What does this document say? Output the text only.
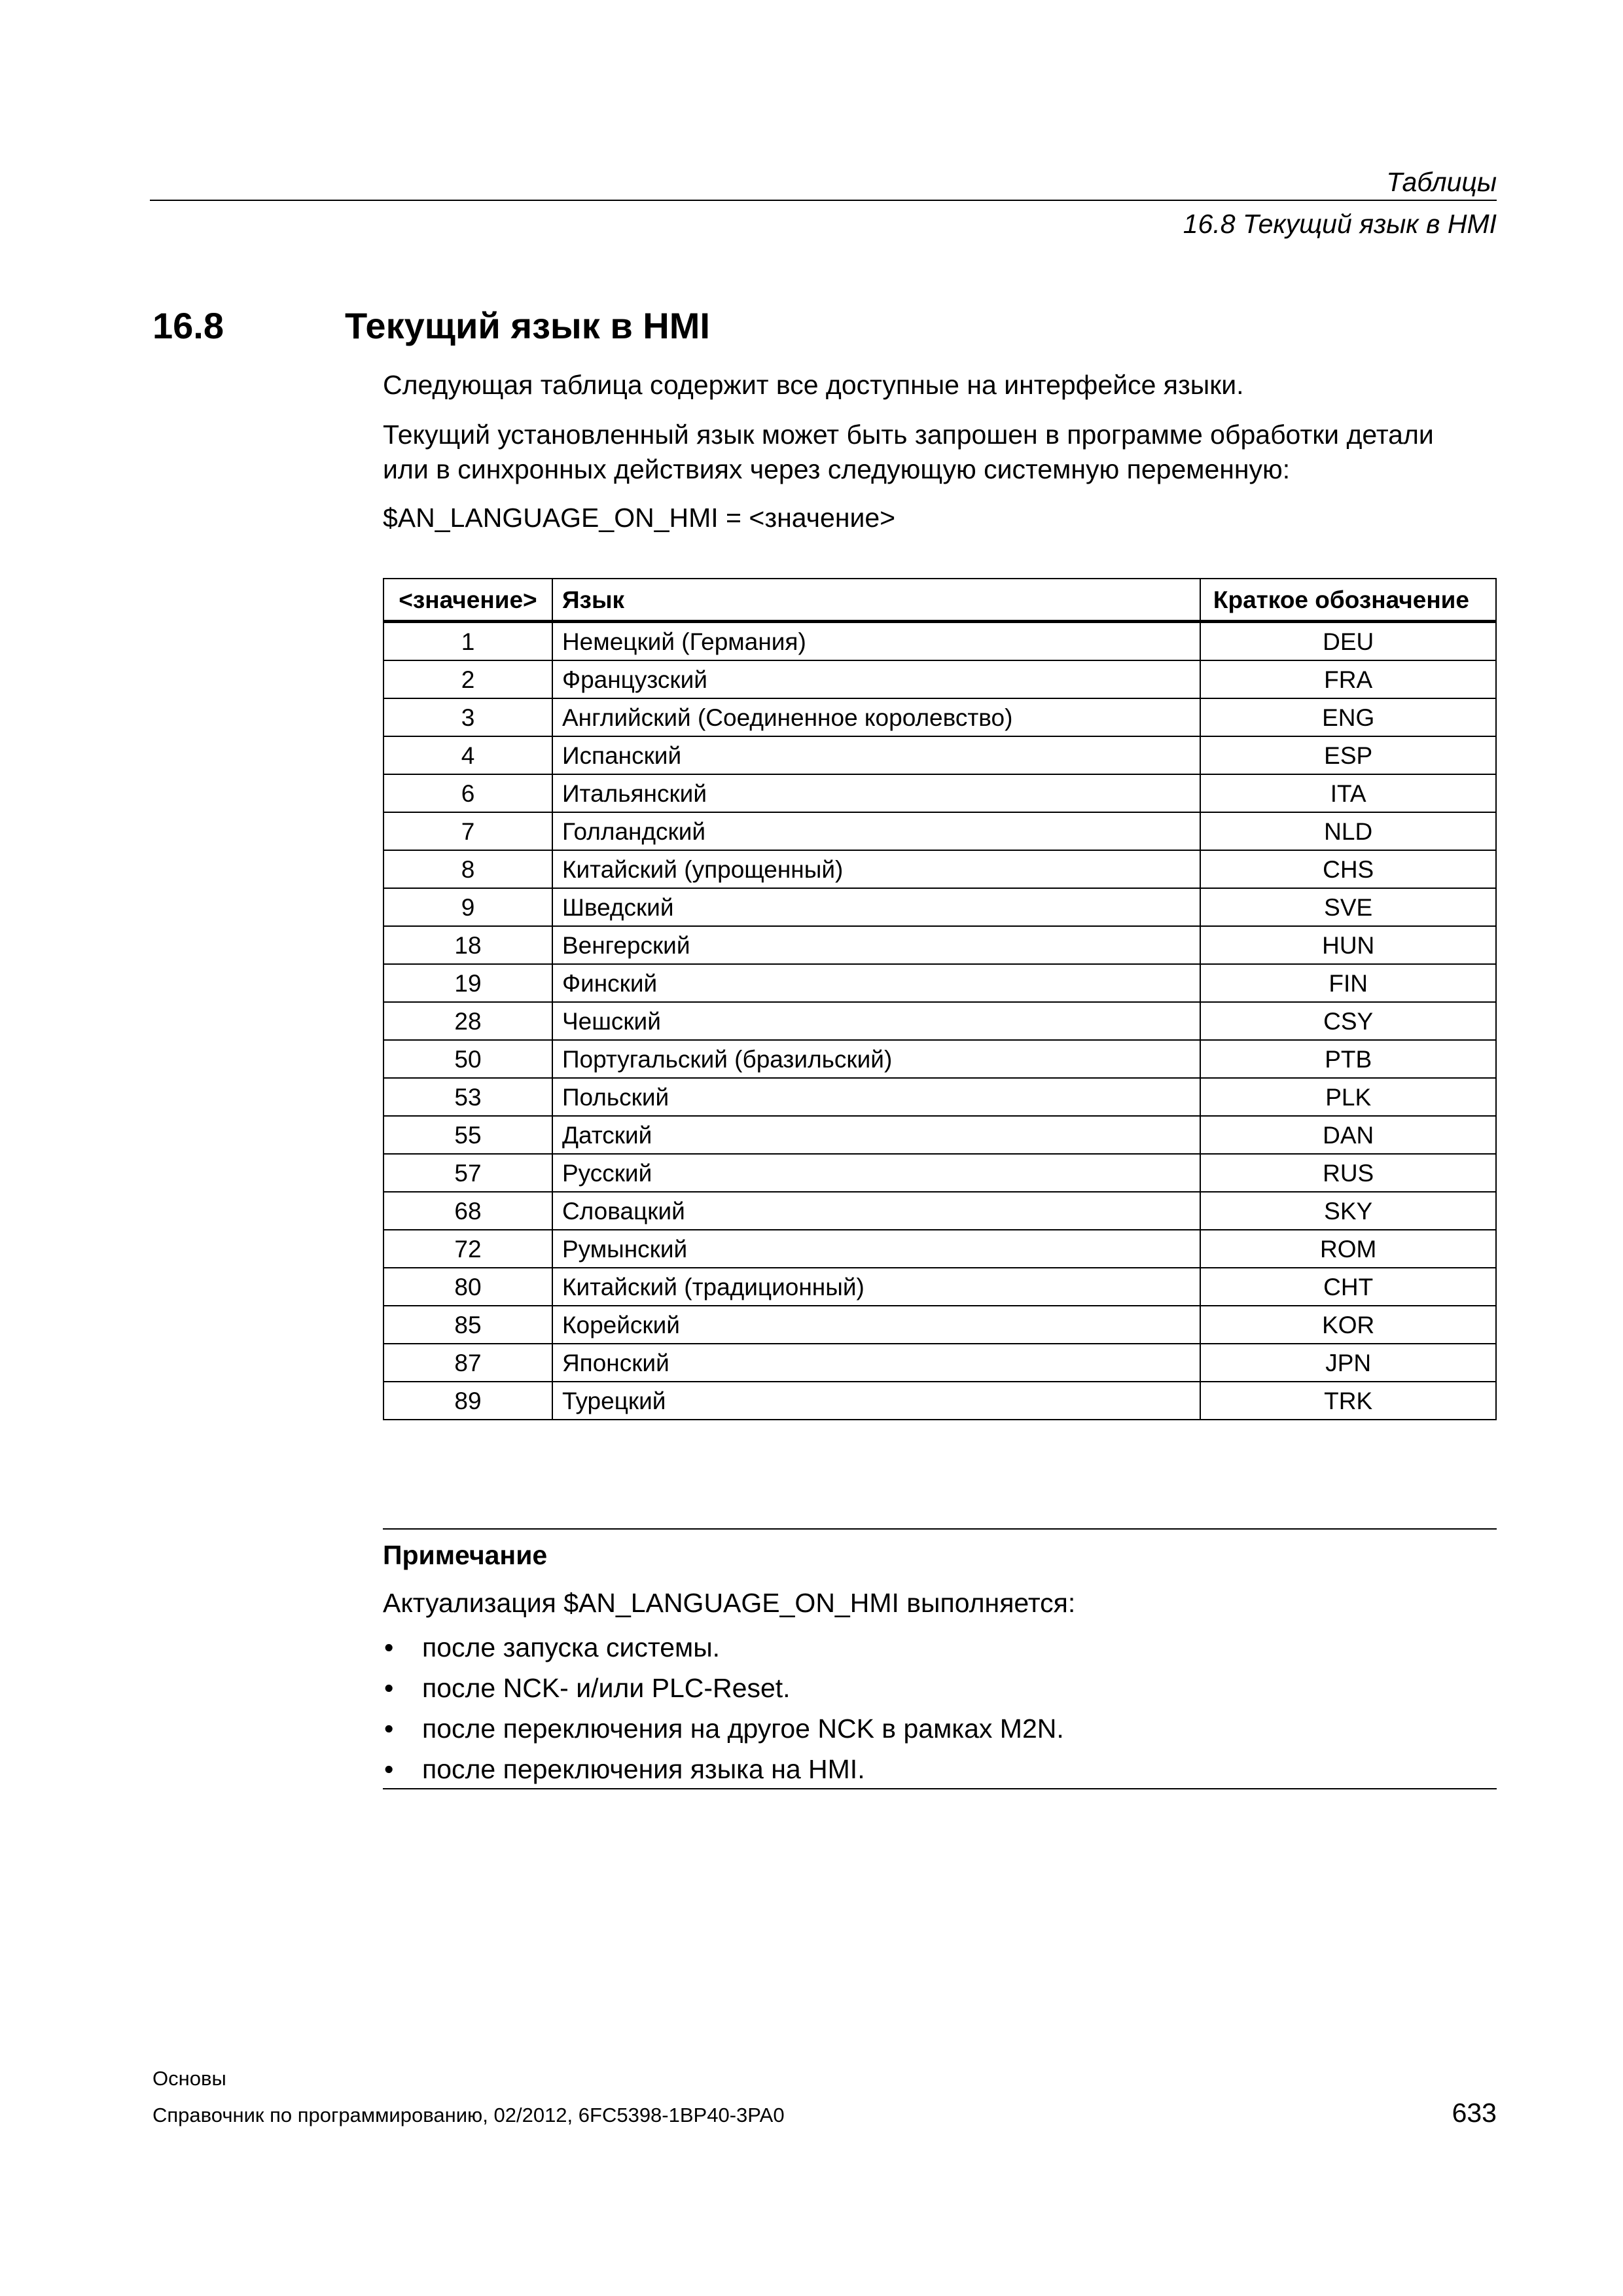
Таблицы
16.8 Текущий язык в HMI
16.8	Текущий язык в HMI
Следующая таблица содержит все доступные на интерфейсе языки.
Текущий установленный язык может быть запрошен в программе обработки детали
или в синхронных действиях через следующую системную переменную:
$AN_LANGUAGE_ON_HMI = <значение>
<значение>	Язык	Краткое обозначение
1	Немецкий (Германия)	DEU
2	Французский	FRA
3	Английский (Соединенное королевство)	ENG
4	Испанский	ESP
6	Итальянский	ITA
7	Голландский	NLD
8	Китайский (упрощенный)	CHS
9	Шведский	SVE
18	Венгерский	HUN
19	Финский	FIN
28	Чешский	CSY
50	Португальский (бразильский)	PTB
53	Польский	PLK
55	Датский	DAN
57	Русский	RUS
68	Словацкий	SKY
72	Румынский	ROM
80	Китайский (традиционный)	CHT
85	Корейский	KOR
87	Японский	JPN
89	Турецкий	TRK
Примечание
Актуализация $AN_LANGUAGE_ON_HMI выполняется:
• после запуска системы.
• после NCK- и/или PLC-Reset.
• после переключения на другое NCK в рамках M2N.
• после переключения языка на HMI.
Основы
Справочник по программированию, 02/2012, 6FC5398-1BP40-3PA0	633
